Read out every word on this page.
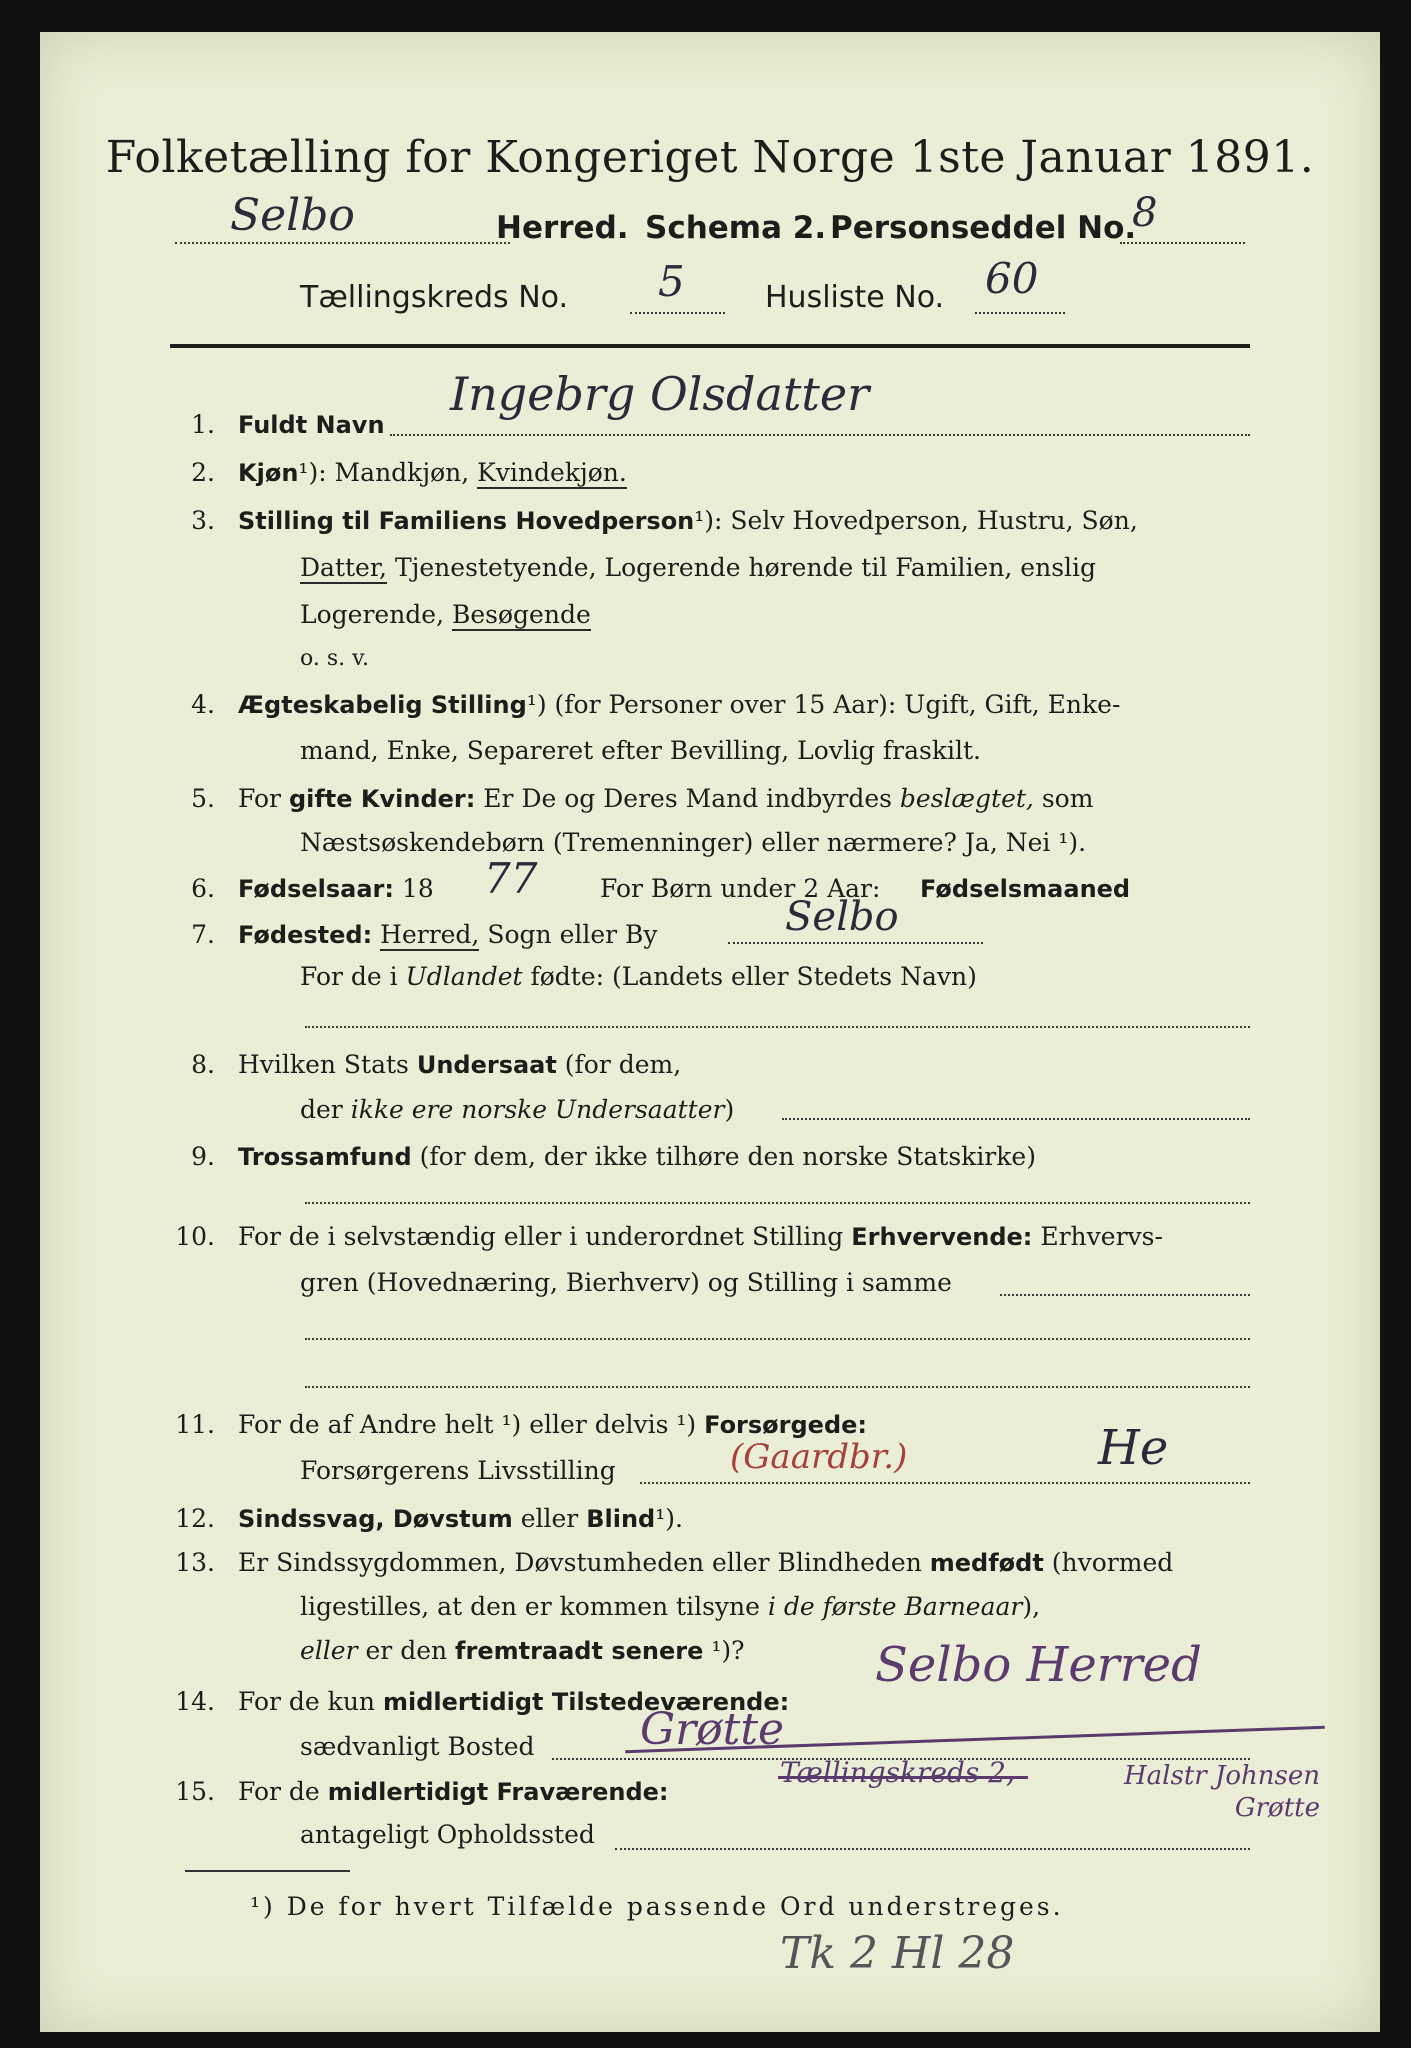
Folketælling for Kongeriget Norge 1ste Januar 1891.
Selbo	Herred. Schema 2. Personseddel No.
8
Tællingskreds No. 5	Husliste No. 60
1. Fuldt Navn
Ingebrg Olsdatter
2. Kjøn¹): Mandkjøn, Kvindekjøn.
3. Stilling til Familiens Hovedperson¹): Selv Hovedperson, Hustru, Søn,
Datter, Tjenestetyende, Logerende hørende til Familien, enslig
Logerende, Besøgende
o. s. v.
4. Ægteskabelig Stilling¹) (for Personer over 15 Aar): Ugift, Gift, Enke-
mand, Enke, Separeret efter Bevilling, Lovlig fraskilt.
5. For gifte Kvinder: Er De og Deres Mand indbyrdes beslægtet, som
Næstsøskendebørn (Tremenninger) eller nærmere? Ja, Nei ¹).
6. Fødselsaar: 18	For Børn under 2 Aar: Fødselsmaaned
77
7. Fødested: Herred, Sogn eller By	Selbo
For de i Udlandet fødte: (Landets eller Stedets Navn)
8. Hvilken Stats Undersaat (for dem,
der ikke ere norske Undersaatter)
9. Trossamfund (for dem, der ikke tilhøre den norske Statskirke)
10. For de i selvstændig eller i underordnet Stilling Erhvervende: Erhvervs-
gren (Hovednæring, Bierhverv) og Stilling i samme
11. For de af Andre helt ¹) eller delvis ¹) Forsørgede:
Forsørgerens Livsstilling	(Gaardbr.)	He
12. Sindssvag, Døvstum eller Blind¹).
13. Er Sindssygdommen, Døvstumheden eller Blindheden medfødt (hvormed
ligestilles, at den er kommen tilsyne i de første Barneaar),
eller er den fremtraadt senere ¹)?
14. For de kun midlertidigt Tilstedeværende:
Selbo Herred
sædvanligt Bosted Grøtte
15. For de midlertidigt Fraværende:
Tællingskreds 2,
antageligt Opholdssted
Halstr Johnsen Grøtte
¹) De for hvert Tilfælde passende Ord understreges.
Tk 2 Hl 28
